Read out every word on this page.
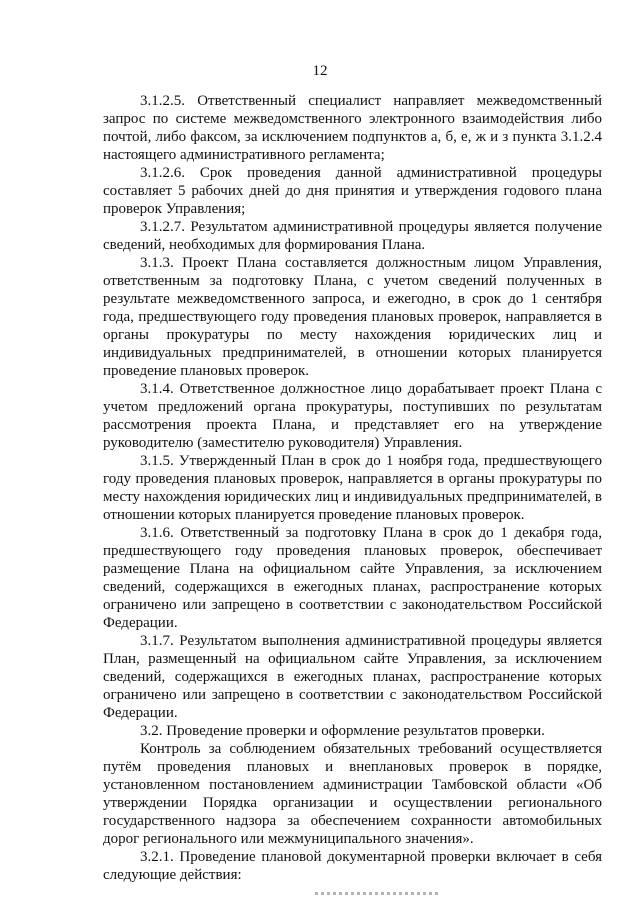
12

3.1.2.5. Ответственный специалист направляет межведомственный запрос по системе межведомственного электронного взаимодействия либо почтой, либо факсом, за исключением подпунктов а, б, е, ж и з пункта 3.1.2.4 настоящего административного регламента;

3.1.2.6. Срок проведения данной административной процедуры составляет 5 рабочих дней до дня принятия и утверждения годового плана проверок Управления;

3.1.2.7. Результатом административной процедуры является получение сведений, необходимых для формирования Плана.

3.1.3. Проект Плана составляется должностным лицом Управления, ответственным за подготовку Плана, с учетом сведений полученных в результате межведомственного запроса, и ежегодно, в срок до 1 сентября года, предшествующего году проведения плановых проверок, направляется в органы прокуратуры по месту нахождения юридических лиц и индивидуальных предпринимателей, в отношении которых планируется проведение плановых проверок.

3.1.4. Ответственное должностное лицо дорабатывает проект Плана с учетом предложений органа прокуратуры, поступивших по результатам рассмотрения проекта Плана, и представляет его на утверждение руководителю (заместителю руководителя) Управления.

3.1.5. Утвержденный План в срок до 1 ноября года, предшествующего году проведения плановых проверок, направляется в органы прокуратуры по месту нахождения юридических лиц и индивидуальных предпринимателей, в отношении которых планируется проведение плановых проверок.

3.1.6. Ответственный за подготовку Плана в срок до 1 декабря года, предшествующего году проведения плановых проверок, обеспечивает размещение Плана на официальном сайте Управления, за исключением сведений, содержащихся в ежегодных планах, распространение которых ограничено или запрещено в соответствии с законодательством Российской Федерации.

3.1.7. Результатом выполнения административной процедуры является План, размещенный на официальном сайте Управления, за исключением сведений, содержащихся в ежегодных планах, распространение которых ограничено или запрещено в соответствии с законодательством Российской Федерации.

3.2. Проведение проверки и оформление результатов проверки.

Контроль за соблюдением обязательных требований осуществляется путём проведения плановых и внеплановых проверок в порядке, установленном постановлением администрации Тамбовской области «Об утверждении Порядка организации и осуществлении регионального государственного надзора за обеспечением сохранности автомобильных дорог регионального или межмуниципального значения».

3.2.1. Проведение плановой документарной проверки включает в себя следующие действия:
